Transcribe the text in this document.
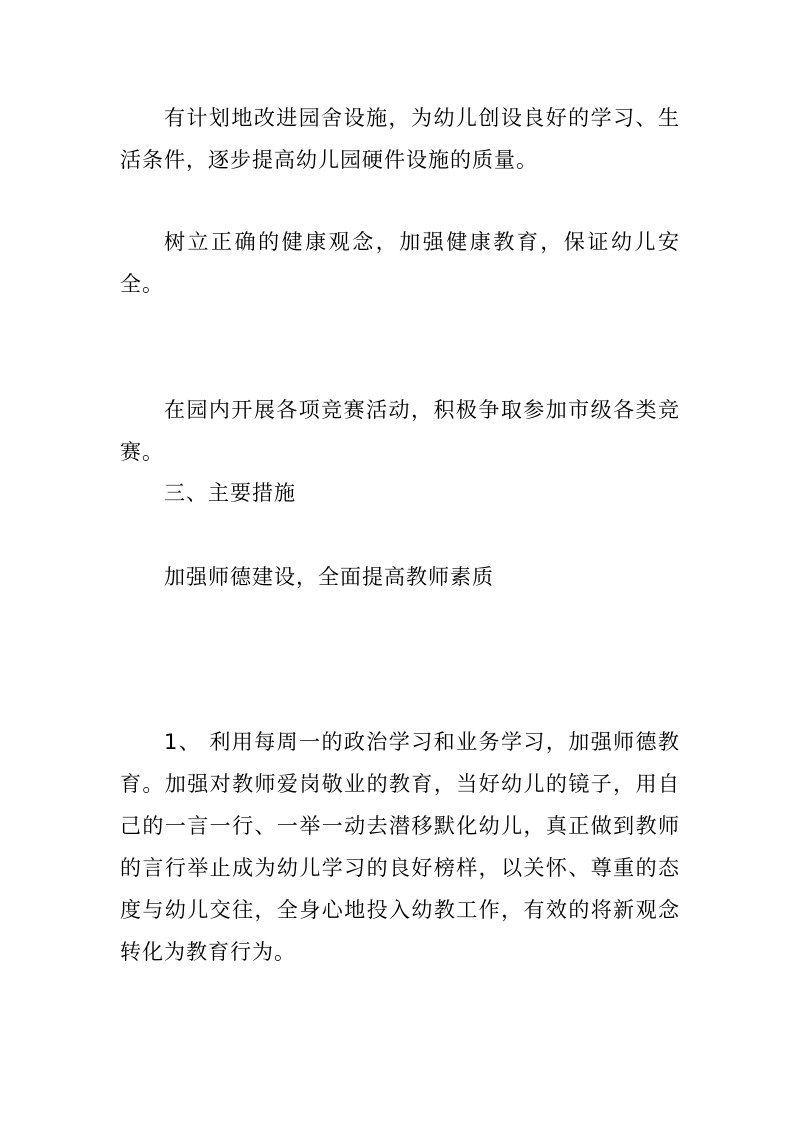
有计划地改进园舍设施，为幼儿创设良好的学习、生活条件，逐步提高幼儿园硬件设施的质量。

树立正确的健康观念，加强健康教育，保证幼儿安全。

在园内开展各项竞赛活动，积极争取参加市级各类竞赛。

三、主要措施

加强师德建设，全面提高教师素质

1、 利用每周一的政治学习和业务学习，加强师德教育。加强对教师爱岗敬业的教育，当好幼儿的镜子，用自己的一言一行、一举一动去潜移默化幼儿，真正做到教师的言行举止成为幼儿学习的良好榜样，以关怀、尊重的态度与幼儿交往，全身心地投入幼教工作，有效的将新观念转化为教育行为。
